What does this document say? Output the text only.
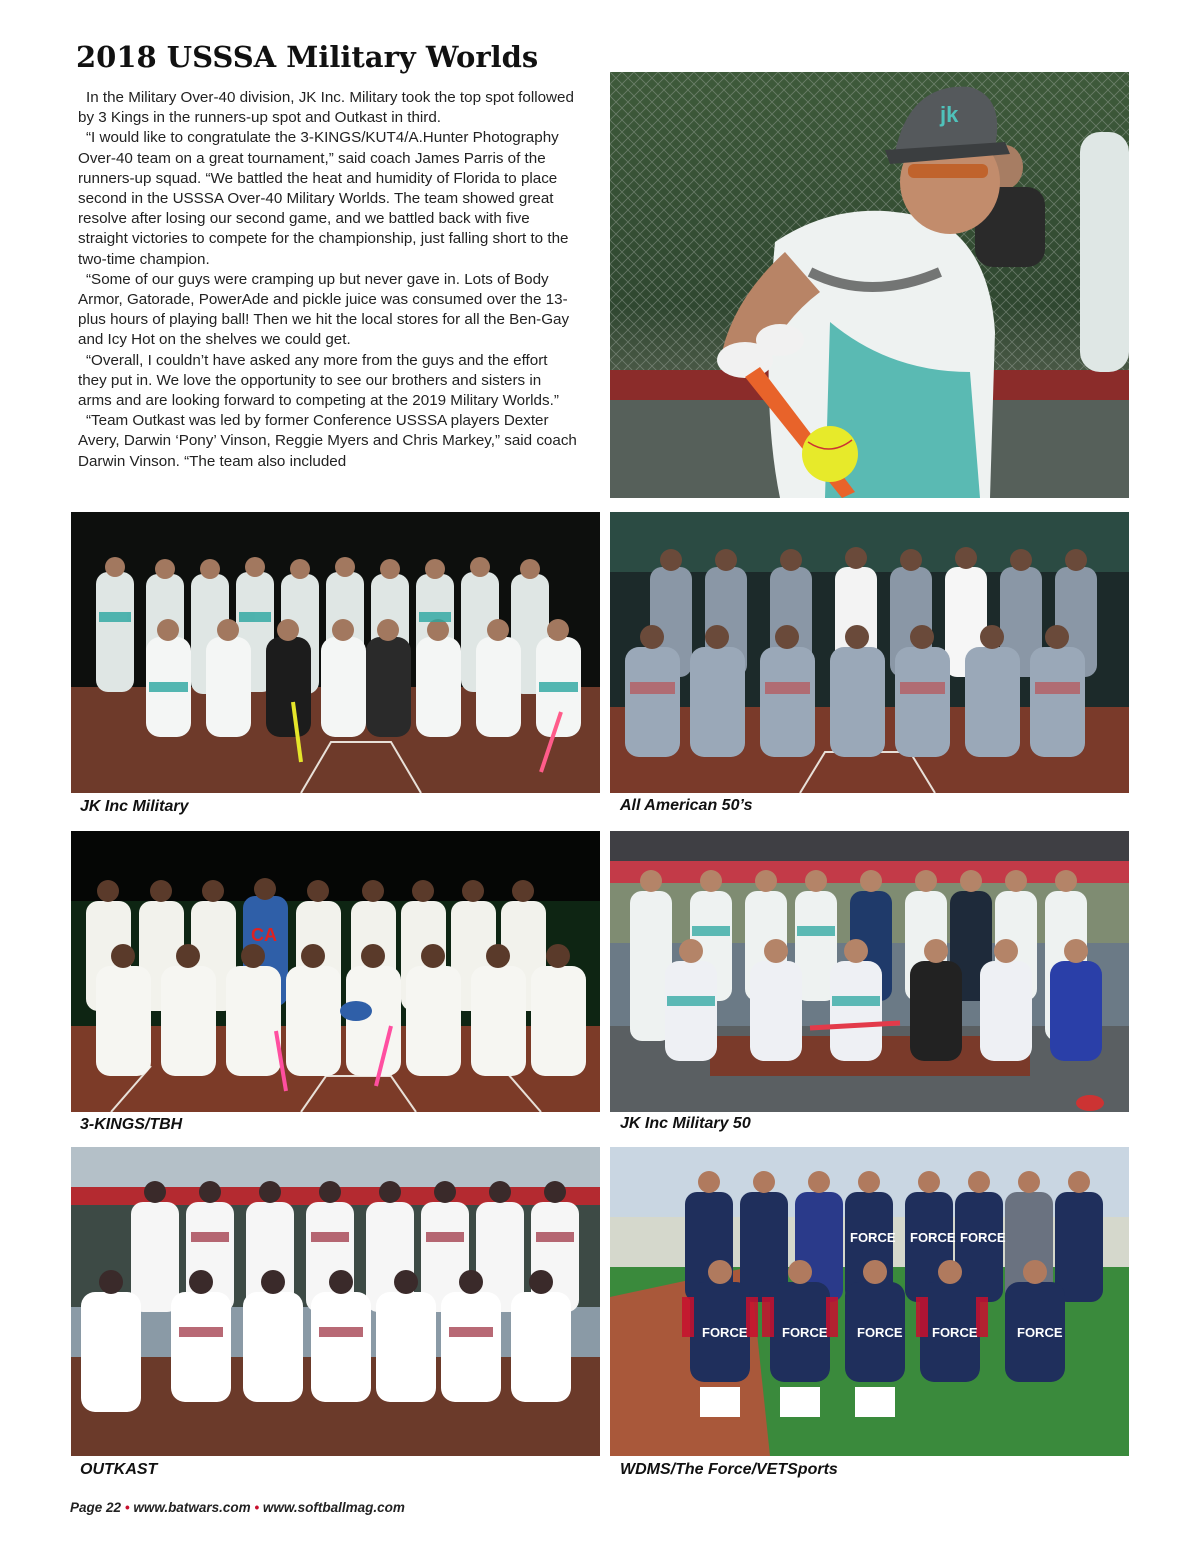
2018 USSSA Military Worlds

In the Military Over-40 division, JK Inc. Military took the top spot followed by 3 Kings in the runners-up spot and Outkast in third.

“I would like to congratulate the 3-KINGS/KUT4/A.Hunter Photography Over-40 team on a great tournament,” said coach James Parris of the runners-up squad. “We battled the heat and humidity of Florida to place second in the USSSA Over-40 Military Worlds. The team showed great resolve after losing our second game, and we battled back with five straight victories to compete for the championship, just falling short to the two-time champion.

“Some of our guys were cramping up but never gave in. Lots of Body Armor, Gatorade, PowerAde and pickle juice was consumed over the 13-plus hours of playing ball! Then we hit the local stores for all the Ben-Gay and Icy Hot on the shelves we could get.

“Overall, I couldn’t have asked any more from the guys and the effort they put in. We love the opportunity to see our brothers and sisters in arms and are looking forward to competing at the 2019 Military Worlds.”

“Team Outkast was led by former Conference USSSA players Dexter Avery, Darwin ‘Pony’ Vinson, Reggie Myers and Chris Markey,” said coach Darwin Vinson. “The team also included

jk
JK Inc Military	All American 50’s
CA
3-KINGS/TBH	JK Inc Military 50
OUTKAST
FORCE	FORCE FORCE FORCE	FORCE
FORCE FORCE FORCE
WDMS/The Force/VETSports
Page 22 • www.batwars.com • www.softballmag.com
